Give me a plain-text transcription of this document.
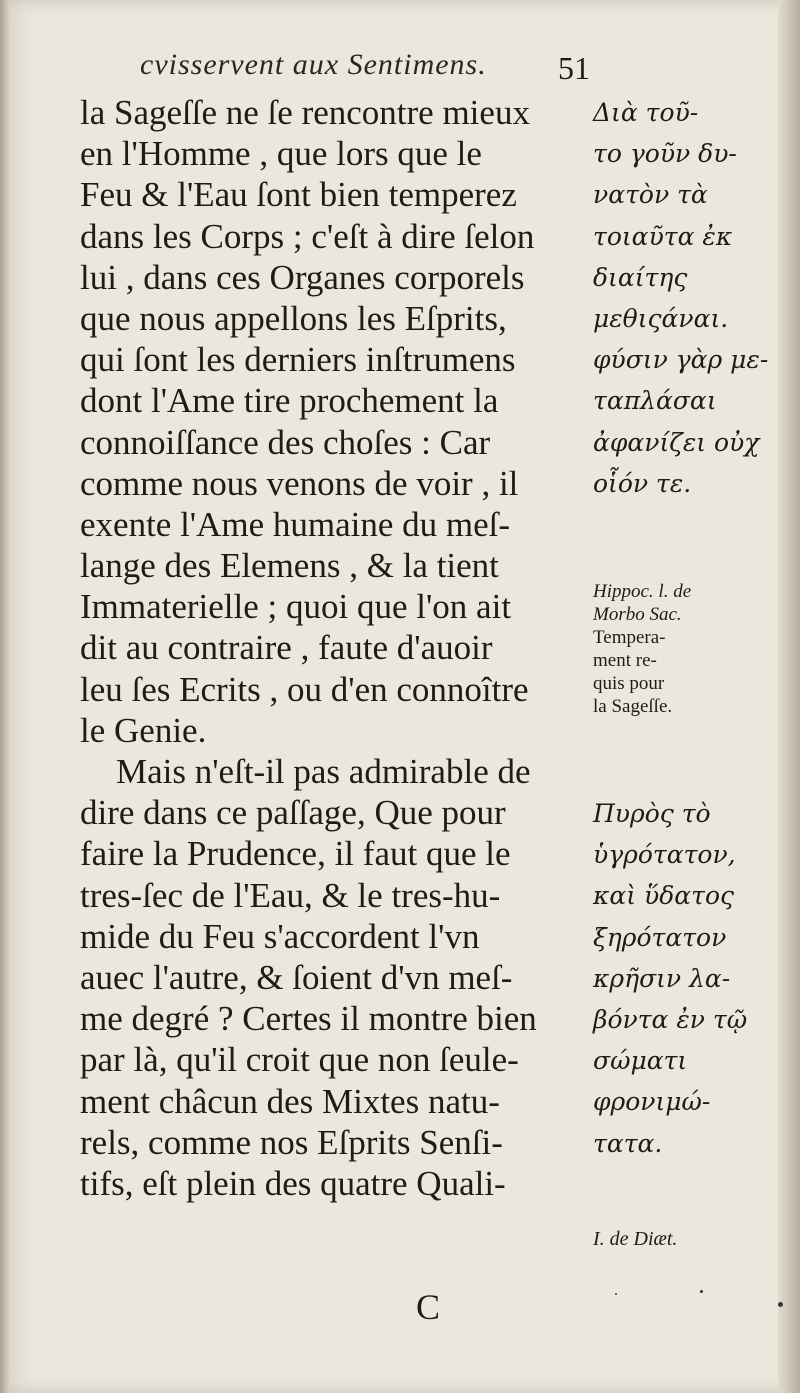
cvisservent aux Sentimens.	51
la Sageſſe ne ſe rencontre mieux
en l'Homme , que lors que le
Feu & l'Eau ſont bien temperez
dans les Corps ; c'eſt à dire ſelon
lui , dans ces Organes corporels
que nous appellons les Eſprits,
qui ſont les derniers inſtrumens
dont l'Ame tire prochement la
connoiſſance des choſes : Car
comme nous venons de voir , il
exente l'Ame humaine du meſ-
lange des Elemens , & la tient
Immaterielle ; quoi que l'on ait
dit au contraire , faute d'auoir
leu ſes Ecrits , ou d'en connoître
le Genie.
Mais n'eſt-il pas admirable de
dire dans ce paſſage, Que pour
faire la Prudence, il faut que le
tres-ſec de l'Eau, & le tres-hu-
mide du Feu s'accordent l'vn
auec l'autre, & ſoient d'vn meſ-
me degré ? Certes il montre bien
par là, qu'il croit que non ſeule-
ment châcun des Mixtes natu-
rels, comme nos Eſprits Senſi-
tifs, eſt plein des quatre Quali-
Διὰ τοῦ-
το γοῦν δυ-
νατὸν τὰ
τοιαῦτα ἐκ
διαίτης
μεθιςάναι.
φύσιν γὰρ με-
ταπλάσαι
ἀφανίζει οὐχ
οἷόν τε.
Hippoc. l. de
Morbo Sac.
Tempera-
ment re-
quis pour
la Sageſſe.
Πυρὸς τὸ
ὑγρότατον,
καὶ ὕδατος
ξηρότατον
κρῆσιν λα-
βόντα ἐν τῷ
σώματι
φρονιμώ-
τατα.
I. de Diæt.
C
